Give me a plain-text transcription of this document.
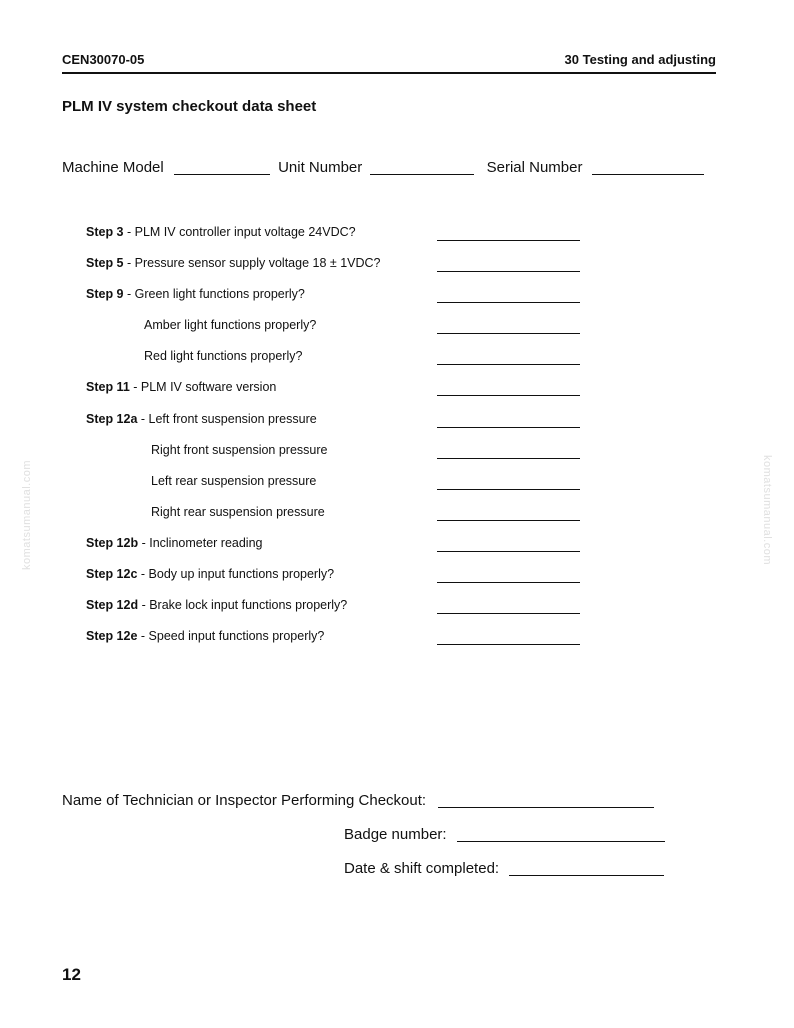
CEN30070-05	30 Testing and adjusting
PLM IV system checkout data sheet
Machine Model	Unit Number	Serial Number
Step 3 - PLM IV controller input voltage 24VDC?
Step 5 - Pressure sensor supply voltage 18 ± 1VDC?
Step 9 - Green light functions properly?
Amber light functions properly?
Red light functions properly?
Step 11 - PLM IV software version
Step 12a - Left front suspension pressure
Right front suspension pressure
Left rear suspension pressure
Right rear suspension pressure
Step 12b - Inclinometer reading
Step 12c - Body up input functions properly?
Step 12d - Brake lock input functions properly?
Step 12e - Speed input functions properly?
Name of Technician or Inspector Performing Checkout:
Badge number:
Date & shift completed:
komatsumanual.com	komatsumanual.com
12
